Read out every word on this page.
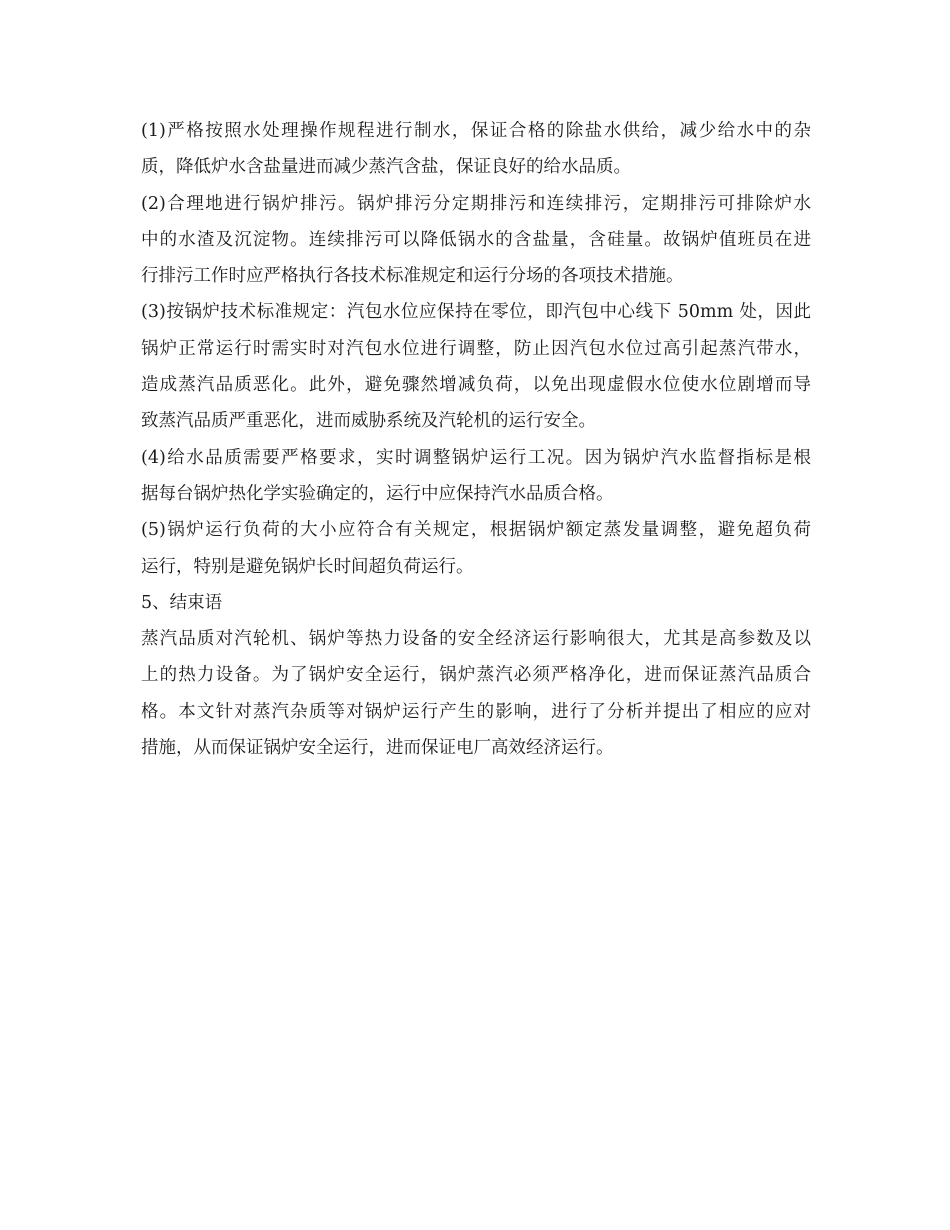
(1)严格按照水处理操作规程进行制水，保证合格的除盐水供给，减少给水中的杂
质，降低炉水含盐量进而减少蒸汽含盐，保证良好的给水品质。
(2)合理地进行锅炉排污。锅炉排污分定期排污和连续排污，定期排污可排除炉水
中的水渣及沉淀物。连续排污可以降低锅水的含盐量，含硅量。故锅炉值班员在进
行排污工作时应严格执行各技术标准规定和运行分场的各项技术措施。
(3)按锅炉技术标准规定：汽包水位应保持在零位，即汽包中心线下 50mm 处，因此
锅炉正常运行时需实时对汽包水位进行调整，防止因汽包水位过高引起蒸汽带水，
造成蒸汽品质恶化。此外，避免骤然增减负荷，以免出现虚假水位使水位剧增而导
致蒸汽品质严重恶化，进而威胁系统及汽轮机的运行安全。
(4)给水品质需要严格要求，实时调整锅炉运行工况。因为锅炉汽水监督指标是根
据每台锅炉热化学实验确定的，运行中应保持汽水品质合格。
(5)锅炉运行负荷的大小应符合有关规定，根据锅炉额定蒸发量调整，避免超负荷
运行，特别是避免锅炉长时间超负荷运行。
5、结束语
蒸汽品质对汽轮机、锅炉等热力设备的安全经济运行影响很大，尤其是高参数及以
上的热力设备。为了锅炉安全运行，锅炉蒸汽必须严格净化，进而保证蒸汽品质合
格。本文针对蒸汽杂质等对锅炉运行产生的影响，进行了分析并提出了相应的应对
措施，从而保证锅炉安全运行，进而保证电厂高效经济运行。
